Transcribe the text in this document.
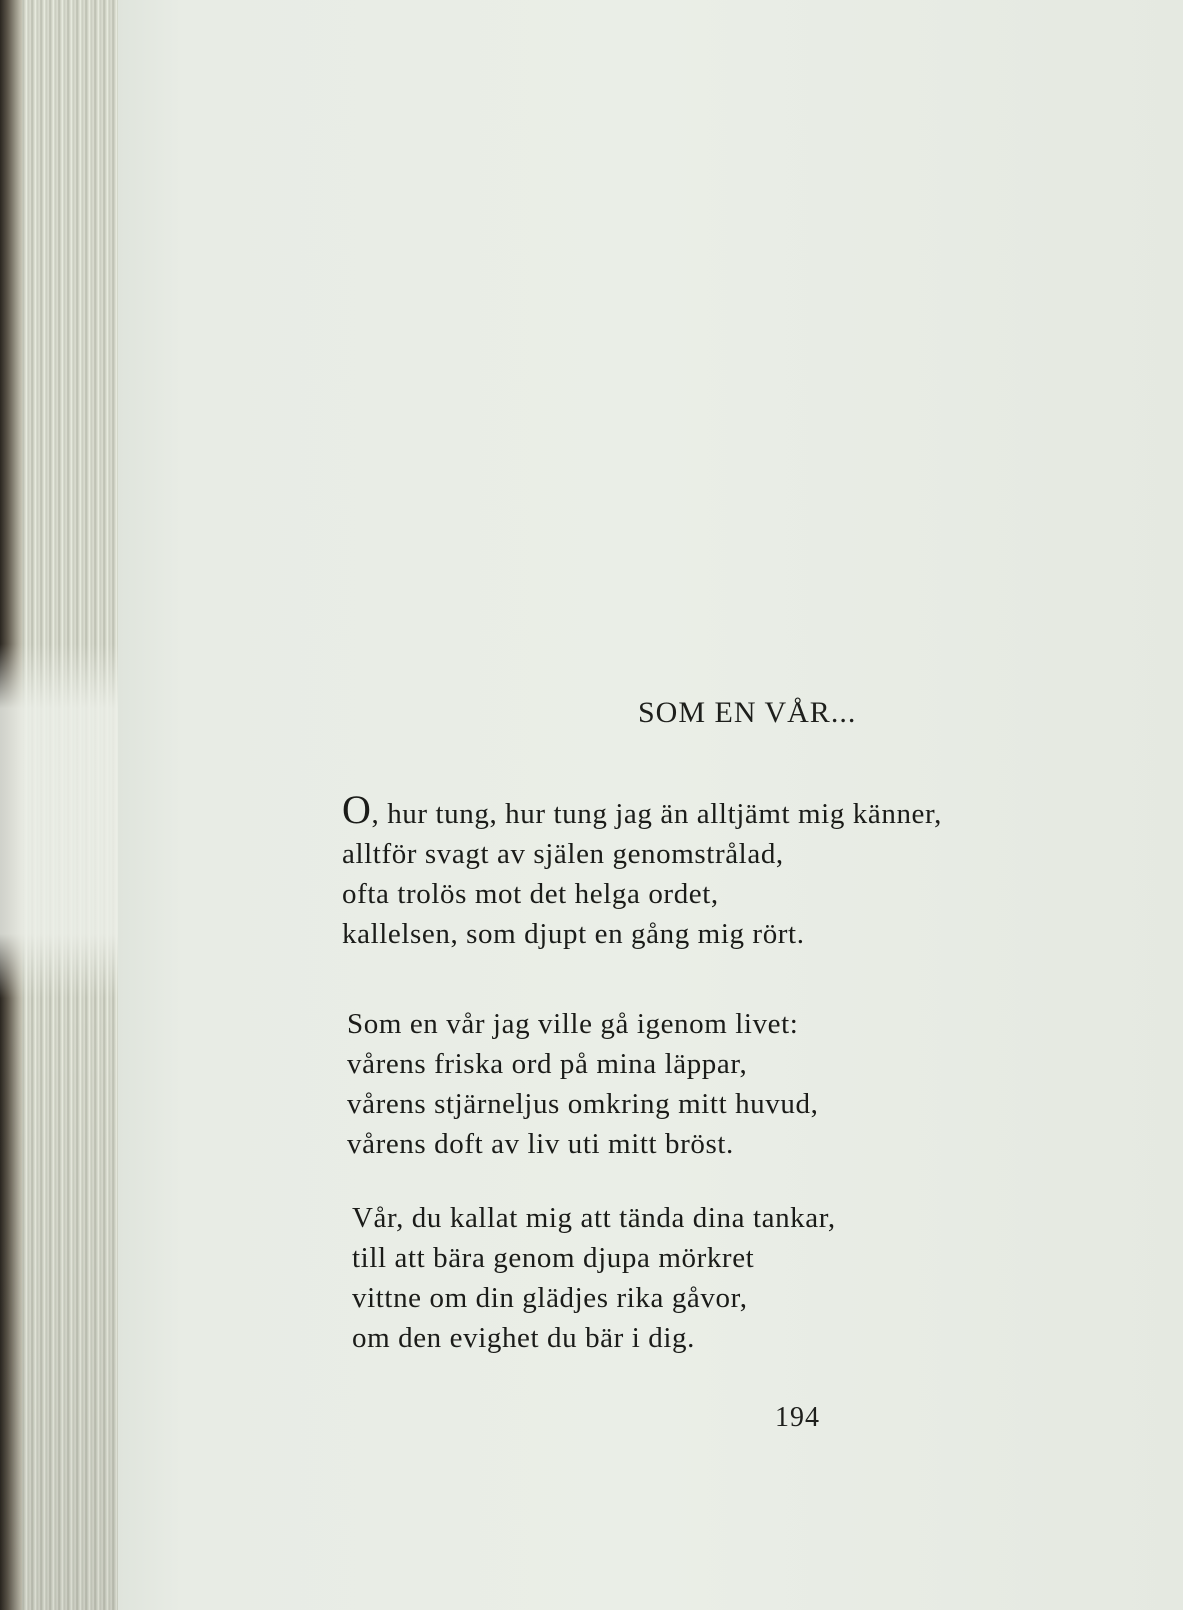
SOM EN VÅR...
O, hur tung, hur tung jag än alltjämt mig känner,
alltför svagt av själen genomstrålad,
ofta trolös mot det helga ordet,
kallelsen, som djupt en gång mig rört.
Som en vår jag ville gå igenom livet:
vårens friska ord på mina läppar,
vårens stjärneljus omkring mitt huvud,
vårens doft av liv uti mitt bröst.
Vår, du kallat mig att tända dina tankar,
till att bära genom djupa mörkret
vittne om din glädjes rika gåvor,
om den evighet du bär i dig.
194
